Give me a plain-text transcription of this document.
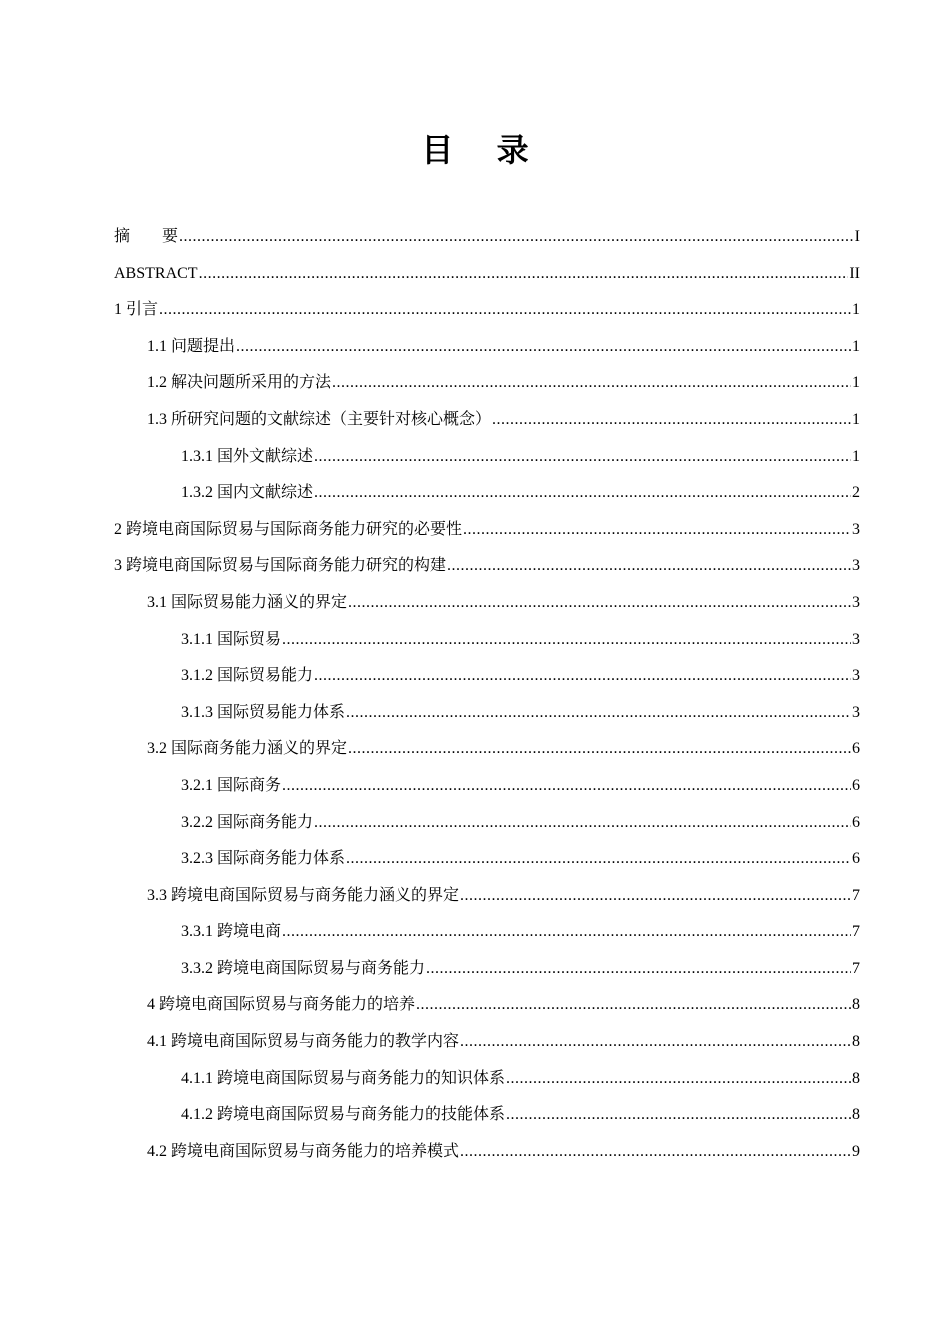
目 录
摘　　要 .....	I
ABSTRACT .....	II
1 引言 .....	1
1.1 问题提出 .....	1
1.2 解决问题所采用的方法 .....	1
1.3 所研究问题的文献综述（主要针对核心概念） .....	1
1.3.1 国外文献综述 .....	1
1.3.2 国内文献综述 .....	2
2 跨境电商国际贸易与国际商务能力研究的必要性 .....	3
3 跨境电商国际贸易与国际商务能力研究的构建 .....	3
3.1 国际贸易能力涵义的界定 .....	3
3.1.1 国际贸易 .....	3
3.1.2 国际贸易能力 .....	3
3.1.3 国际贸易能力体系 .....	3
3.2 国际商务能力涵义的界定 .....	6
3.2.1 国际商务 .....	6
3.2.2 国际商务能力 .....	6
3.2.3 国际商务能力体系 .....	6
3.3 跨境电商国际贸易与商务能力涵义的界定 .....	7
3.3.1 跨境电商 .....	7
3.3.2 跨境电商国际贸易与商务能力 .....	7
4 跨境电商国际贸易与商务能力的培养 .....	8
4.1 跨境电商国际贸易与商务能力的教学内容 .....	8
4.1.1 跨境电商国际贸易与商务能力的知识体系 .....	8
4.1.2 跨境电商国际贸易与商务能力的技能体系 .....	8
4.2 跨境电商国际贸易与商务能力的培养模式 .....	9
